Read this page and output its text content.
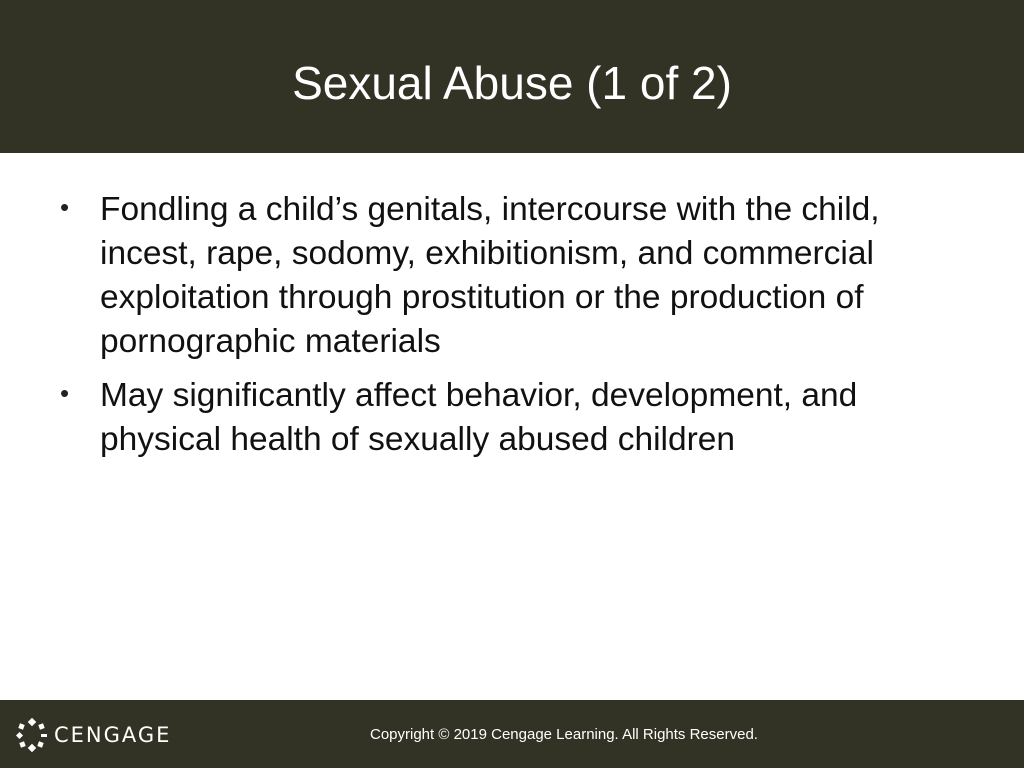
Sexual Abuse (1 of 2)
• Fondling a child’s genitals, intercourse with the child, incest, rape, sodomy, exhibitionism, and commercial exploitation through prostitution or the production of pornographic materials
• May significantly affect behavior, development, and physical health of sexually abused children
CENGAGE	Copyright © 2019 Cengage Learning. All Rights Reserved.
